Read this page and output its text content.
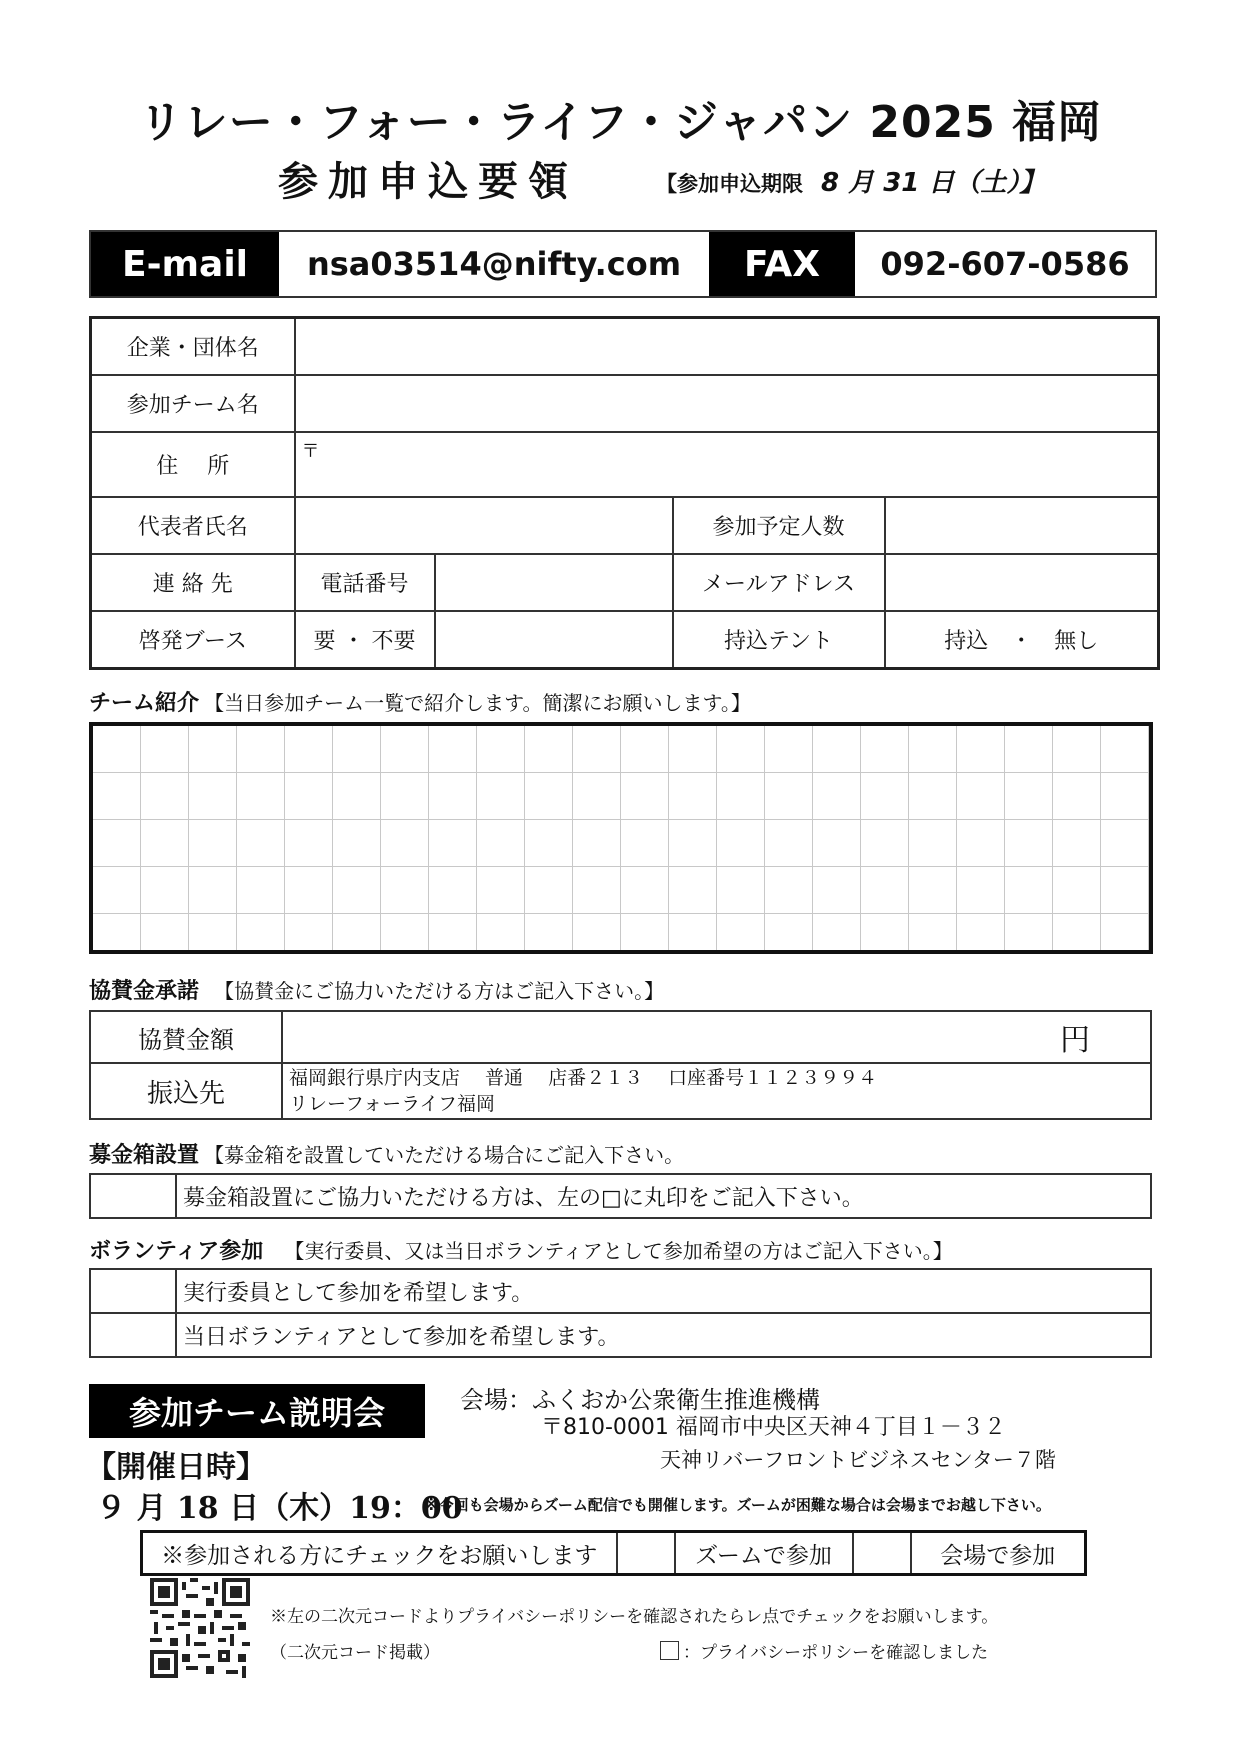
リレー・フォー・ライフ・ジャパン 2025 福岡
参加申込要領	【参加申込期限 8 月 31 日（土）】
E-mail	nsa03514@nifty.com	FAX	092-607-0586
企業・団体名				
参加チーム名				
住　 所	〒			
代表者氏名			参加予定人数	
連 絡 先	電話番号		メールアドレス	
啓発ブース	要 ・ 不要		持込テント	持込　・　無し
チーム紹介 【当日参加チーム一覧で紹介します。簡潔にお願いします。】
協賛金承諾 【協賛金にご協力いただける方はご記入下さい。】
協賛金額	円
振込先	福岡銀行県庁内支店　 普通　 店番２１３　 口座番号１１２３９９４
リレーフォーライフ福岡
募金箱設置 【募金箱を設置していただける場合にご記入下さい。
	募金箱設置にご協力いただける方は、左の□に丸印をご記入下さい。
ボランティア参加 【実行委員、又は当日ボランティアとして参加希望の方はご記入下さい。】
	実行委員として参加を希望します。
	当日ボランティアとして参加を希望します。
参加チーム説明会	会場：ふくおか公衆衛生推進機構
〒810-0001 福岡市中央区天神４丁目１－３２
天神リバーフロントビジネスセンター７階
【開催日時】
９ 月 18 日（木）19：00
※今回も会場からズーム配信でも開催します。ズームが困難な場合は会場までお越し下さい。
※参加される方にチェックをお願いします		ズームで参加		会場で参加
※左の二次元コードよりプライバシーポリシーを確認されたらレ点でチェックをお願いします。
（二次元コード掲載）	：プライバシーポリシーを確認しました
